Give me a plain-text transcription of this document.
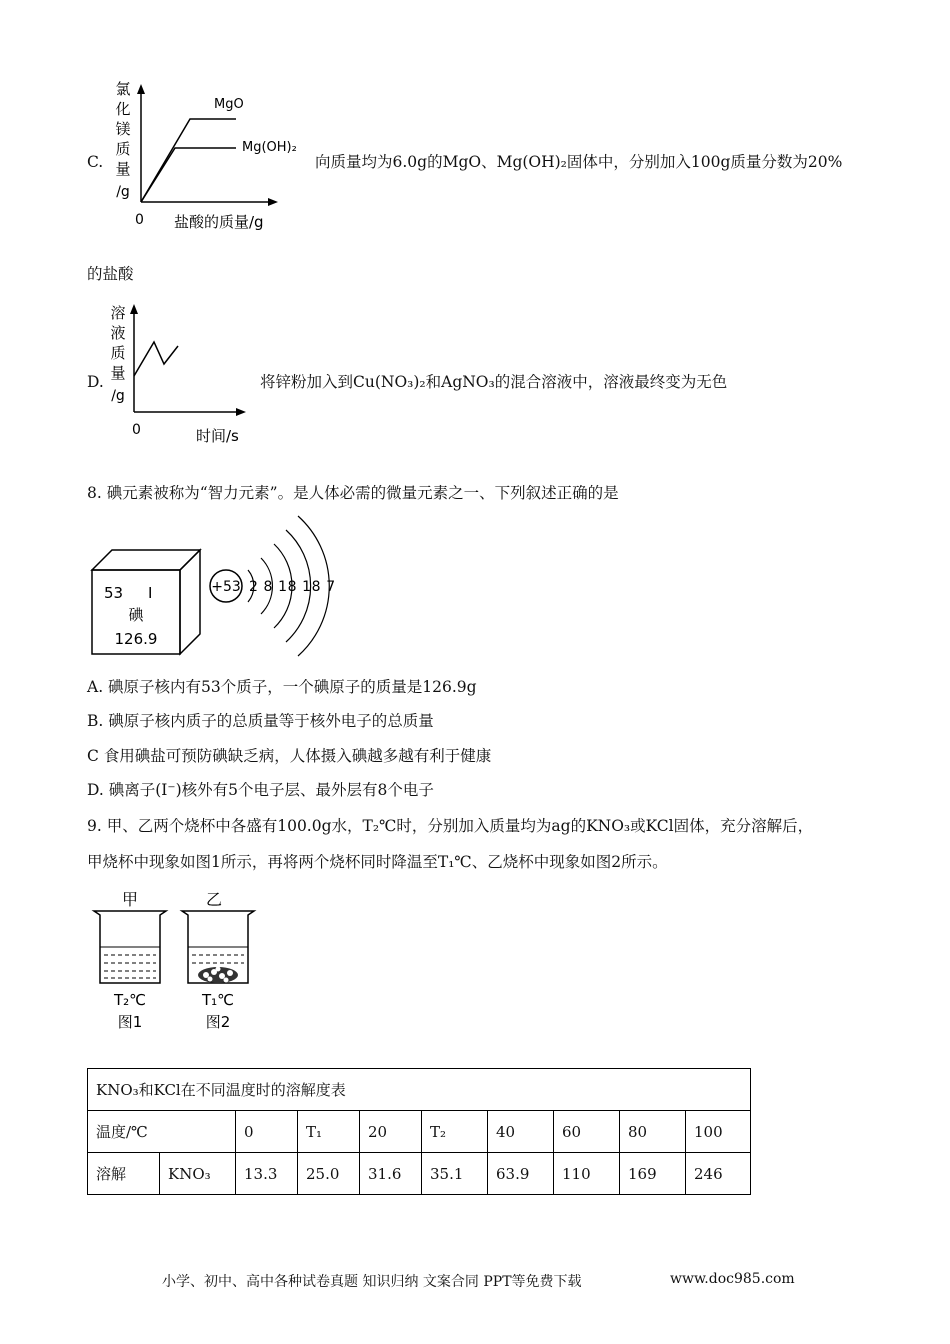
C.
氯
化
镁
质
量
/g
MgO
Mg(OH)₂
0 盐酸的质量/g
向质量均为6.0g的MgO、Mg(OH)₂固体中，分别加入100g质量分数为20%
的盐酸
D.
溶
液
质
量
/g
0	时间/s
将锌粉加入到Cu(NO₃)₂和AgNO₃的混合溶液中，溶液最终变为无色
8. 碘元素被称为“智力元素”。是人体必需的微量元素之一、下列叙述正确的是
53 I
碘
126.9
+53 2 8 18 18 7
A. 碘原子核内有53个质子，一个碘原子的质量是126.9g
B. 碘原子核内质子的总质量等于核外电子的总质量
C 食用碘盐可预防碘缺乏病，人体摄入碘越多越有利于健康
D. 碘离子(I⁻)核外有5个电子层、最外层有8个电子
9. 甲、乙两个烧杯中各盛有100.0g水，T₂℃时，分别加入质量均为ag的KNO₃或KCl固体，充分溶解后，
甲烧杯中现象如图1所示，再将两个烧杯同时降温至T₁℃、乙烧杯中现象如图2所示。
甲
T₂℃
图1
乙
T₁℃
图2
KNO₃和KCl在不同温度时的溶解度表									
温度/℃		0	T₁	20	T₂	40	60	80	100
溶解	KNO₃	13.3	25.0	31.6	35.1	63.9	110	169	246
小学、初中、高中各种试卷真题 知识归纳 文案合同 PPT等免费下载	www.doc985.com
